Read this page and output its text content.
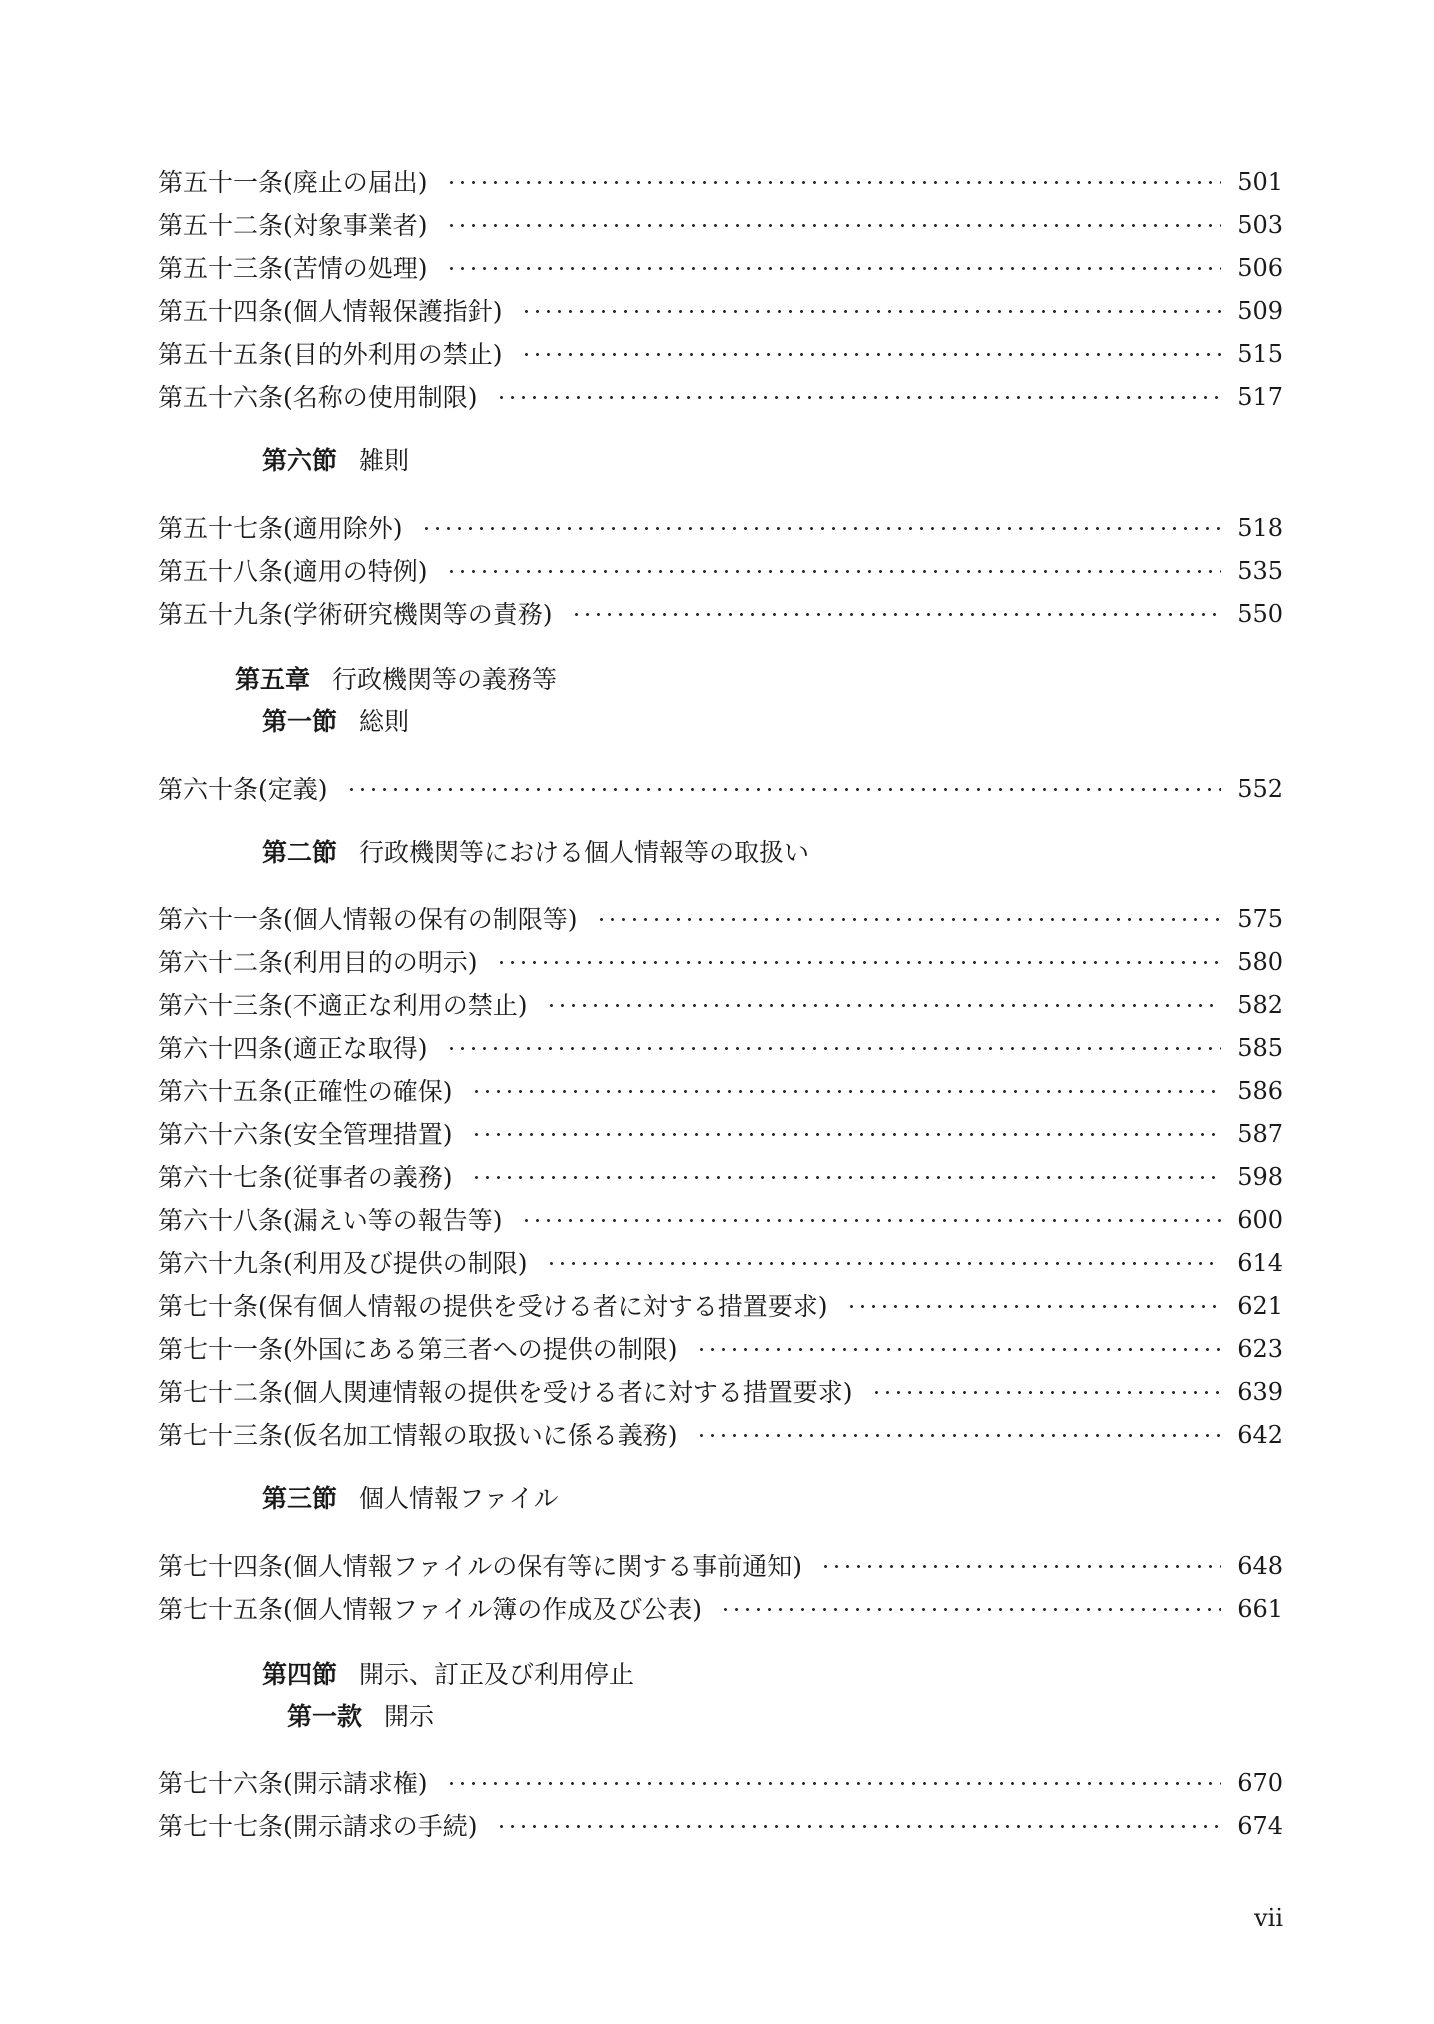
第五十一条(廃止の届出)	501
第五十二条(対象事業者)	503
第五十三条(苦情の処理)	506
第五十四条(個人情報保護指針)	509
第五十五条(目的外利用の禁止)	515
第五十六条(名称の使用制限)	517
第六節 雑則
第五十七条(適用除外)	518
第五十八条(適用の特例)	535
第五十九条(学術研究機関等の責務)	550
第五章 行政機関等の義務等
第一節 総則
第六十条(定義)	552
第二節 行政機関等における個人情報等の取扱い
第六十一条(個人情報の保有の制限等)	575
第六十二条(利用目的の明示)	580
第六十三条(不適正な利用の禁止)	582
第六十四条(適正な取得)	585
第六十五条(正確性の確保)	586
第六十六条(安全管理措置)	587
第六十七条(従事者の義務)	598
第六十八条(漏えい等の報告等)	600
第六十九条(利用及び提供の制限)	614
第七十条(保有個人情報の提供を受ける者に対する措置要求)	621
第七十一条(外国にある第三者への提供の制限)	623
第七十二条(個人関連情報の提供を受ける者に対する措置要求)	639
第七十三条(仮名加工情報の取扱いに係る義務)	642
第三節 個人情報ファイル
第七十四条(個人情報ファイルの保有等に関する事前通知)	648
第七十五条(個人情報ファイル簿の作成及び公表)	661
第四節 開示、訂正及び利用停止
第一款 開示
第七十六条(開示請求権)	670
第七十七条(開示請求の手続)	674
vii
